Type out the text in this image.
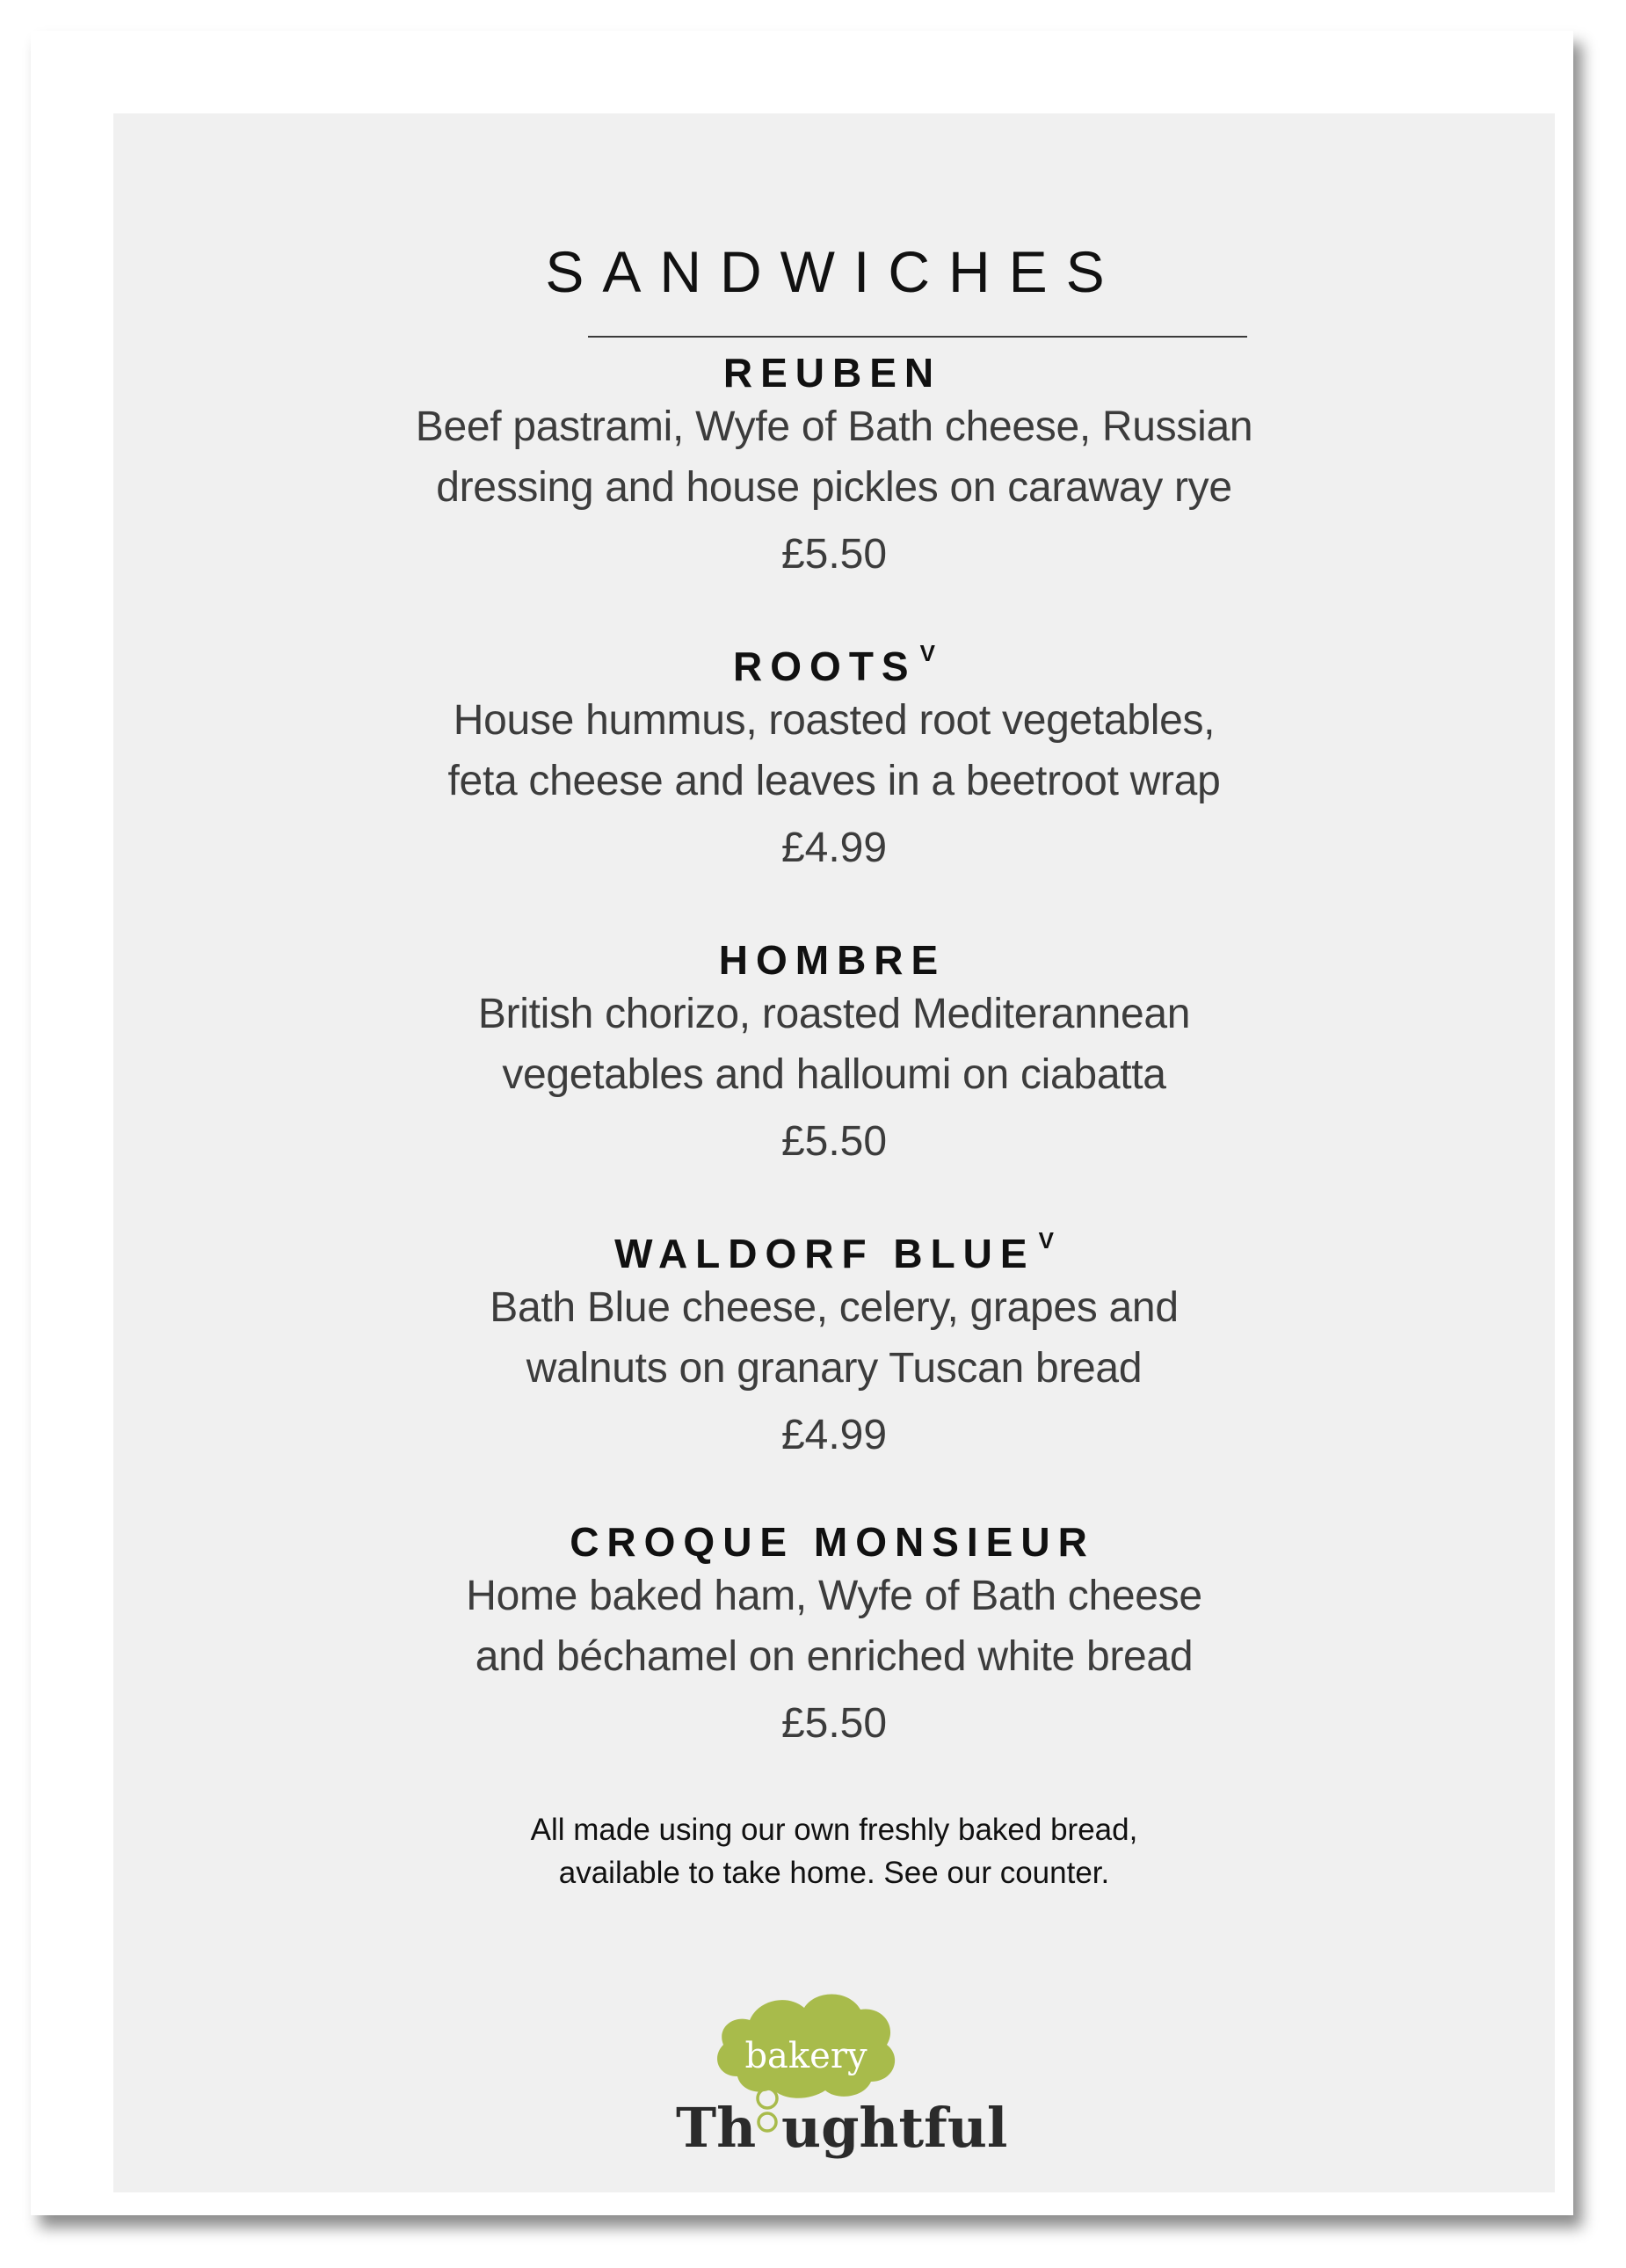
SANDWICHES
REUBEN
Beef pastrami, Wyfe of Bath cheese, Russian
dressing and house pickles on caraway rye
£5.50
ROOTS $^V$
House hummus, roasted root vegetables,
feta cheese and leaves in a beetroot wrap
£4.99
HOMBRE
British chorizo, roasted Mediterannean
vegetables and halloumi on ciabatta
£5.50
WALDORF BLUE $^V$
Bath Blue cheese, celery, grapes and
walnuts on granary Tuscan bread
£4.99
CROQUE MONSIEUR
Home baked ham, Wyfe of Bath cheese
and béchamel on enriched white bread
£5.50
All made using our own freshly baked bread,
available to take home. See our counter.
bakery
Th ughtful
